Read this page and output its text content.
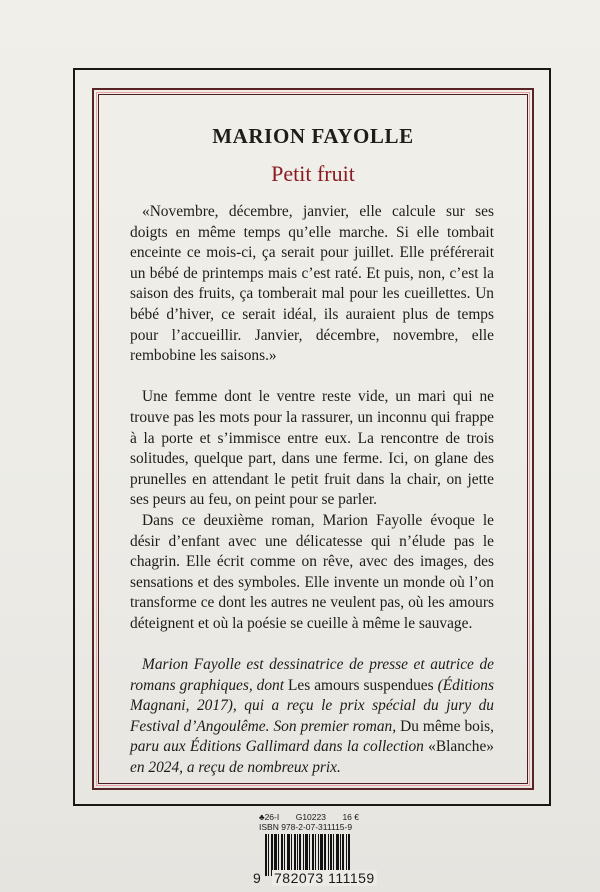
MARION FAYOLLE
Petit fruit

«Novembre, décembre, janvier, elle calcule sur ses doigts en même temps qu’elle marche. Si elle tombait enceinte ce mois-ci, ça serait pour juillet. Elle préférerait un bébé de printemps mais c’est raté. Et puis, non, c’est la saison des fruits, ça tomberait mal pour les cueillettes. Un bébé d’hiver, ce serait idéal, ils auraient plus de temps pour l’accueillir. Janvier, décembre, novembre, elle rembobine les saisons.»

Une femme dont le ventre reste vide, un mari qui ne trouve pas les mots pour la rassurer, un inconnu qui frappe à la porte et s’immisce entre eux. La rencontre de trois solitudes, quelque part, dans une ferme. Ici, on glane des prunelles en attendant le petit fruit dans la chair, on jette ses peurs au feu, on peint pour se parler.

Dans ce deuxième roman, Marion Fayolle évoque le désir d’enfant avec une délicatesse qui n’élude pas le chagrin. Elle écrit comme on rêve, avec des images, des sensations et des symboles. Elle invente un monde où l’on transforme ce dont les autres ne veulent pas, où les amours déteignent et où la poésie se cueille à même le sauvage.

Marion Fayolle est dessinatrice de presse et autrice de romans graphiques, dont Les amours suspendues (Éditions Magnani, 2017), qui a reçu le prix spécial du jury du Festival d’Angoulême. Son premier roman, Du même bois, paru aux Éditions Gallimard dans la collection «Blanche» en 2024, a reçu de nombreux prix.

♣26-I G10223 16 €
ISBN 978-2-07-311115-9
9 782073 111159
